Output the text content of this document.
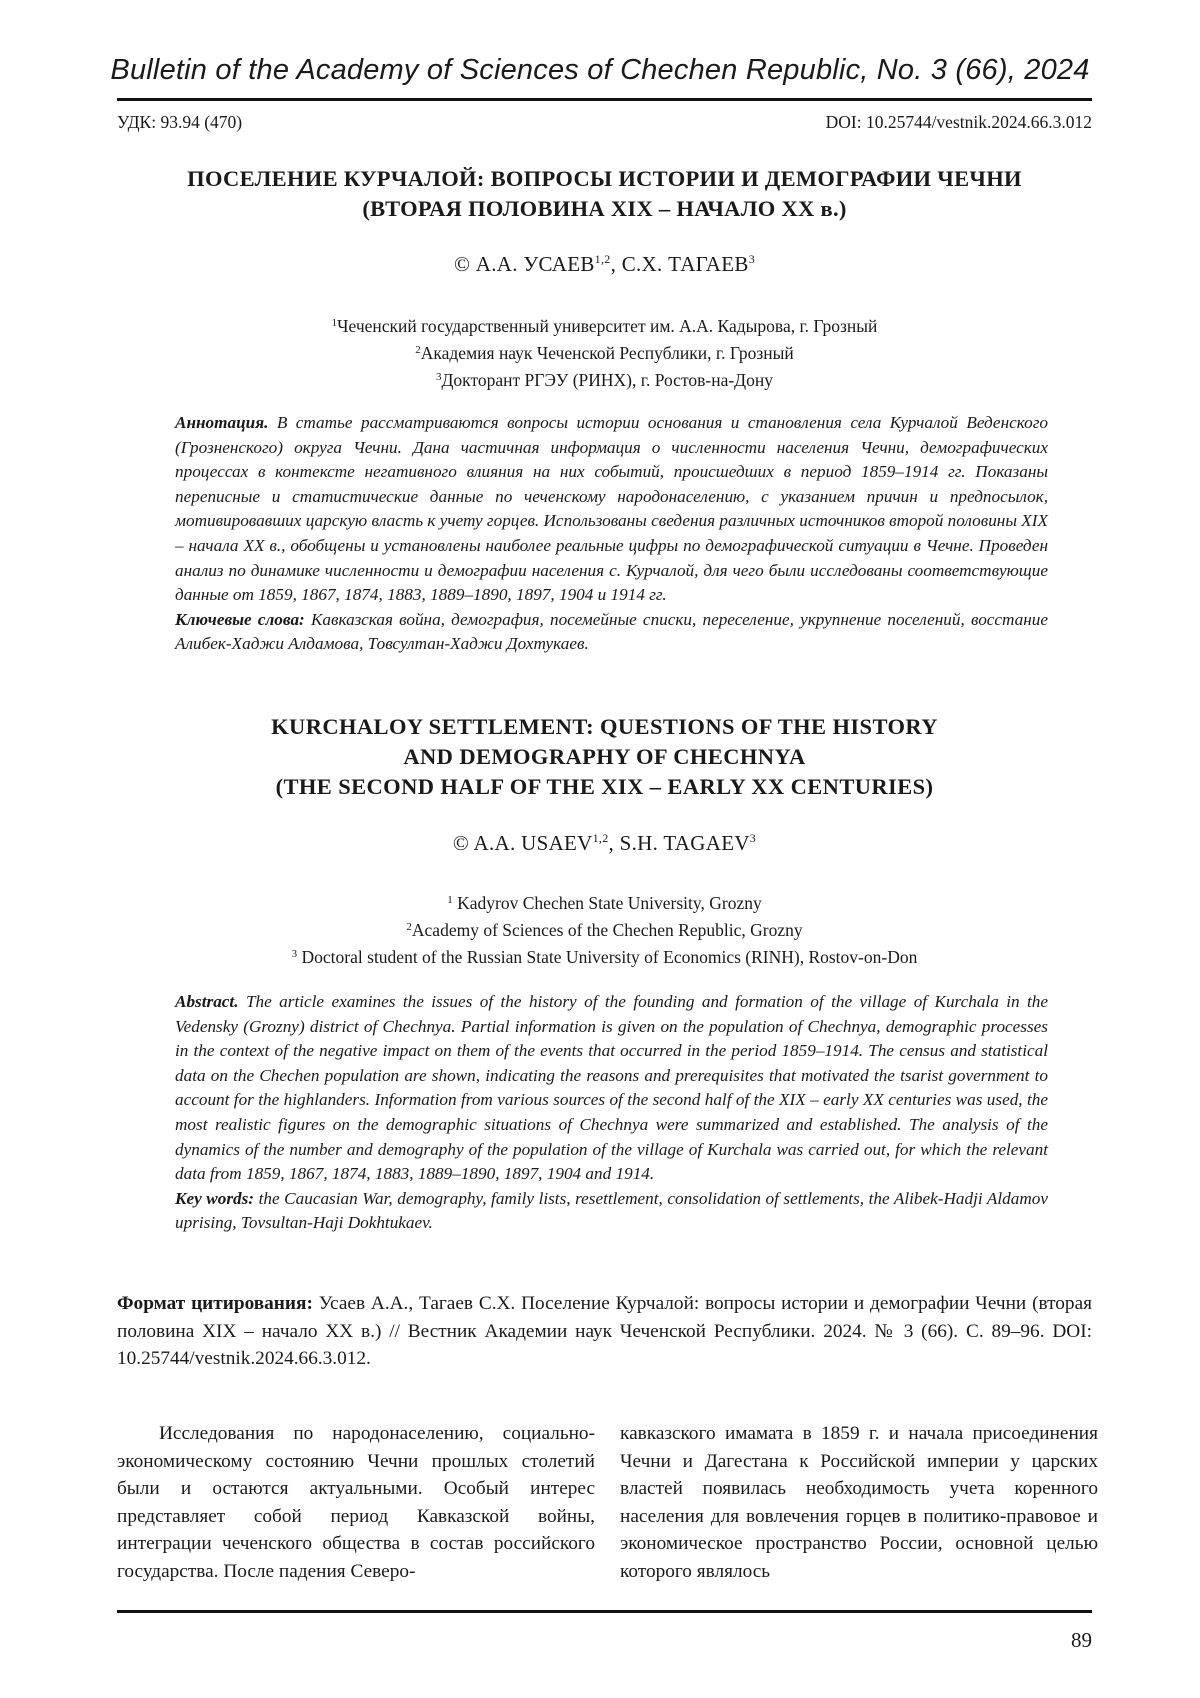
Bulletin of the Academy of Sciences of Chechen Republic, No. 3 (66), 2024
УДК: 93.94 (470)	DOI: 10.25744/vestnik.2024.66.3.012
ПОСЕЛЕНИЕ КУРЧАЛОЙ: ВОПРОСЫ ИСТОРИИ И ДЕМОГРАФИИ ЧЕЧНИ
(ВТОРАЯ ПОЛОВИНА XIX – НАЧАЛО XX в.)
© А.А. УСАЕВ$^{1,2}$, С.Х. ТАГАЕВ$^3$
$^1$Чеченский государственный университет им. А.А. Кадырова, г. Грозный
$^2$Академия наук Чеченской Республики, г. Грозный
$^3$Докторант РГЭУ (РИНХ), г. Ростов-на-Дону
Аннотация. В статье рассматриваются вопросы истории основания и становления села Курчалой Веденского (Грозненского) округа Чечни. Дана частичная информация о численности населения Чечни, демографических процессах в контексте негативного влияния на них событий, происшедших в период 1859–1914 гг. Показаны переписные и статистические данные по чеченскому народонаселению, с указанием причин и предпосылок, мотивировавших царскую власть к учету горцев. Использованы сведения различных источников второй половины XIX – начала XX в., обобщены и установлены наиболее реальные цифры по демографической ситуации в Чечне. Проведен анализ по динамике численности и демографии населения с. Курчалой, для чего были исследованы соответствующие данные от 1859, 1867, 1874, 1883, 1889–1890, 1897, 1904 и 1914 гг.
Ключевые слова: Кавказская война, демография, посемейные списки, переселение, укрупнение поселений, восстание Алибек-Хаджи Алдамова, Товсултан-Хаджи Дохтукаев.
KURCHALOY SETTLEMENT: QUESTIONS OF THE HISTORY
AND DEMOGRAPHY OF CHECHNYA
(THE SECOND HALF OF THE XIX – EARLY XX CENTURIES)
© A.A. USAEV$^{1,2}$, S.H. TAGAEV$^3$
$^1$ Kadyrov Chechen State University, Grozny
$^2$Academy of Sciences of the Chechen Republic, Grozny
$^3$ Doctoral student of the Russian State University of Economics (RINH), Rostov-on-Don
Abstract. The article examines the issues of the history of the founding and formation of the village of Kurchala in the Vedensky (Grozny) district of Chechnya. Partial information is given on the population of Chechnya, demographic processes in the context of the negative impact on them of the events that occurred in the period 1859–1914. The census and statistical data on the Chechen population are shown, indicating the reasons and prerequisites that motivated the tsarist government to account for the highlanders. Information from various sources of the second half of the XIX – early XX centuries was used, the most realistic figures on the demographic situations of Chechnya were summarized and established. The analysis of the dynamics of the number and demography of the population of the village of Kurchala was carried out, for which the relevant data from 1859, 1867, 1874, 1883, 1889–1890, 1897, 1904 and 1914.
Key words: the Caucasian War, demography, family lists, resettlement, consolidation of settlements, the Alibek-Hadji Aldamov uprising, Tovsultan-Haji Dokhtukaev.
Формат цитирования: Усаев А.А., Тагаев С.Х. Поселение Курчалой: вопросы истории и демографии Чечни (вторая половина XIX – начало XX в.) // Вестник Академии наук Чеченской Республики. 2024. № 3 (66). С. 89–96. DOI: 10.25744/vestnik.2024.66.3.012.
Исследования по народонаселению, социально-экономическому состоянию Чечни прошлых столетий были и остаются актуальными. Особый интерес представляет собой период Кавказской войны, интеграции чеченского общества в состав российского государства. После падения Северо-
кавказского имамата в 1859 г. и начала присоединения Чечни и Дагестана к Российской империи у царских властей появилась необходимость учета коренного населения для вовлечения горцев в политико-правовое и экономическое пространство России, основной целью которого являлось
89
